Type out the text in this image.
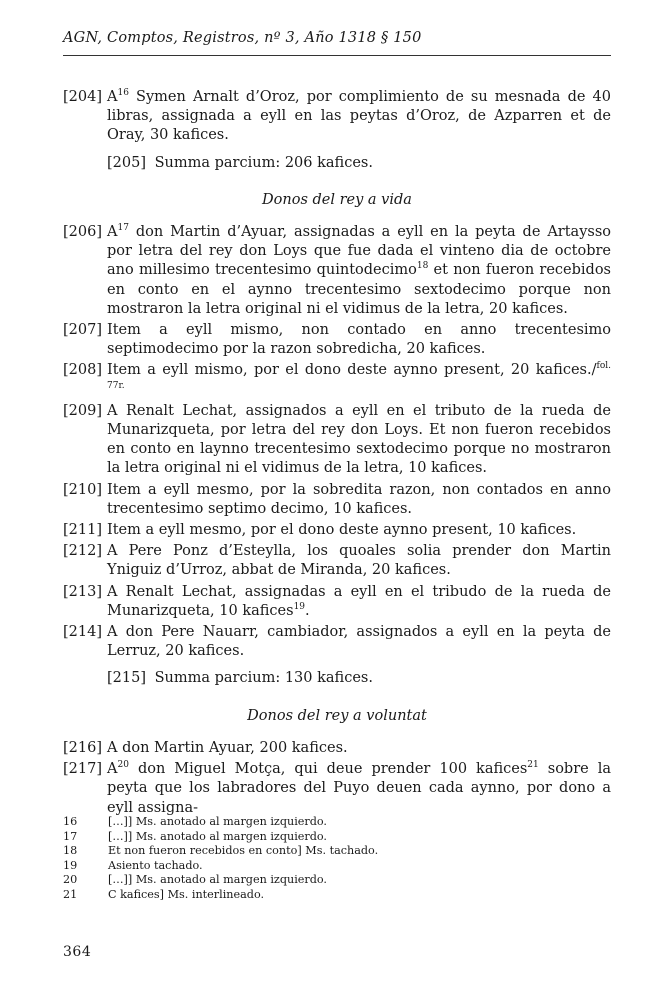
AGN, Comptos, Registros, nº 3, Año 1318 § 150
[204] $A^{16}$ Symen Arnalt d’Oroz, por complimiento de su mesnada de 40 libras, assignada a eyll en las peytas d’Oroz, de Azparren et de Oray, 30 kafices.
[205] Summa parcium: 206 kafices.
Donos del rey a vida
[206] $A^{17}$ don Martin d’Ayuar, assignadas a eyll en la peyta de Artaysso por letra del rey don Loys que fue dada el vinteno dia de octobre ano millesimo trecentesimo quintodecimo$^{18}$ et non fueron recebidos en conto en el aynno trecentesimo sextodecimo porque non mostraron la letra original ni el vidimus de la letra, 20 kafices.
[207] Item a eyll mismo, non contado en anno trecentesimo septimodecimo por la razon sobredicha, 20 kafices.
[208] Item a eyll mismo, por el dono deste aynno present, 20 kafices./$^{fol. 77r.}$
[209] A Renalt Lechat, assignados a eyll en el tributo de la rueda de Munarizqueta, por letra del rey don Loys. Et non fueron recebidos en conto en laynno trecentesimo sextodecimo porque no mostraron la letra original ni el vidimus de la letra, 10 kafices.
[210] Item a eyll mesmo, por la sobredita razon, non contados en anno trecentesimo septimo decimo, 10 kafices.
[211] Item a eyll mesmo, por el dono deste aynno present, 10 kafices.
[212] A Pere Ponz d’Esteylla, los quoales solia prender don Martin Yniguiz d’Urroz, abbat de Miranda, 20 kafices.
[213] A Renalt Lechat, assignadas a eyll en el tribudo de la rueda de Munarizqueta, 10 kafices$^{19}$.
[214] A don Pere Nauarr, cambiador, assignados a eyll en la peyta de Lerruz, 20 kafices.
[215] Summa parcium: 130 kafices.
Donos del rey a voluntat
[216] A don Martin Ayuar, 200 kafices.
[217] $A^{20}$ don Miguel Motça, qui deue prender 100 kafices$^{21}$ sobre la peyta que los labradores del Puyo deuen cada aynno, por dono a eyll assigna-
16	[…]] Ms. anotado al margen izquierdo.
17	[…]] Ms. anotado al margen izquierdo.
18	Et non fueron recebidos en conto] Ms. tachado.
19	Asiento tachado.
20	[…]] Ms. anotado al margen izquierdo.
21	C kafices] Ms. interlineado.
364
